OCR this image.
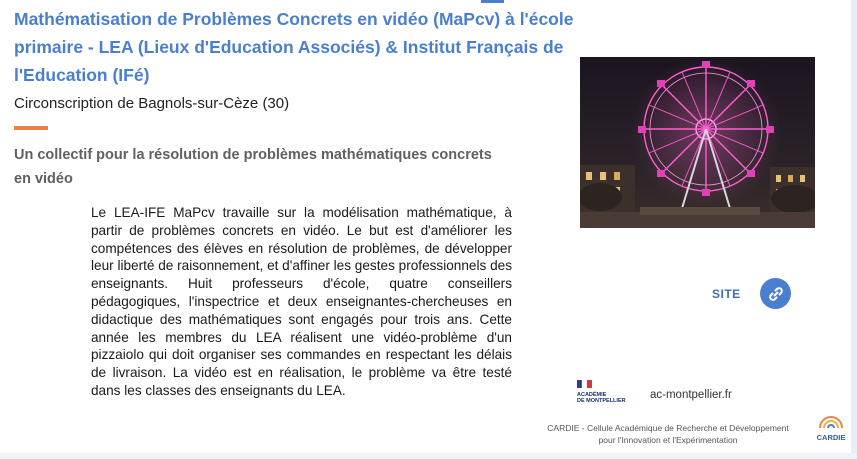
Mathématisation de Problèmes Concrets en vidéo (MaPcv) à l'école primaire - LEA (Lieux d'Education Associés) & Institut Français de l'Education (IFé)

Circonscription de Bagnols-sur-Cèze (30)

Un collectif pour la résolution de problèmes mathématiques concrets en vidéo

Le LEA-IFE MaPcv travaille sur la modélisation mathématique, à partir de problèmes concrets en vidéo. Le but est d'améliorer les compétences des élèves en résolution de problèmes, de développer leur liberté de raisonnement, et d'affiner les gestes professionnels des enseignants. Huit professeurs d'école, quatre conseillers pédagogiques, l'inspectrice et deux enseignantes-chercheuses en didactique des mathématiques sont engagés pour trois ans. Cette année les membres du LEA réalisent une vidéo-problème d'un pizzaiolo qui doit organiser ses commandes en respectant les délais de livraison. La vidéo est en réalisation, le problème va être testé dans les classes des enseignants du LEA.

SITE
ACADÉMIE
DE MONTPELLIER ac-montpellier.fr

CARDIE - Cellule Académique de Recherche et Développement pour l'Innovation et l'Expérimentation	CARDIE
